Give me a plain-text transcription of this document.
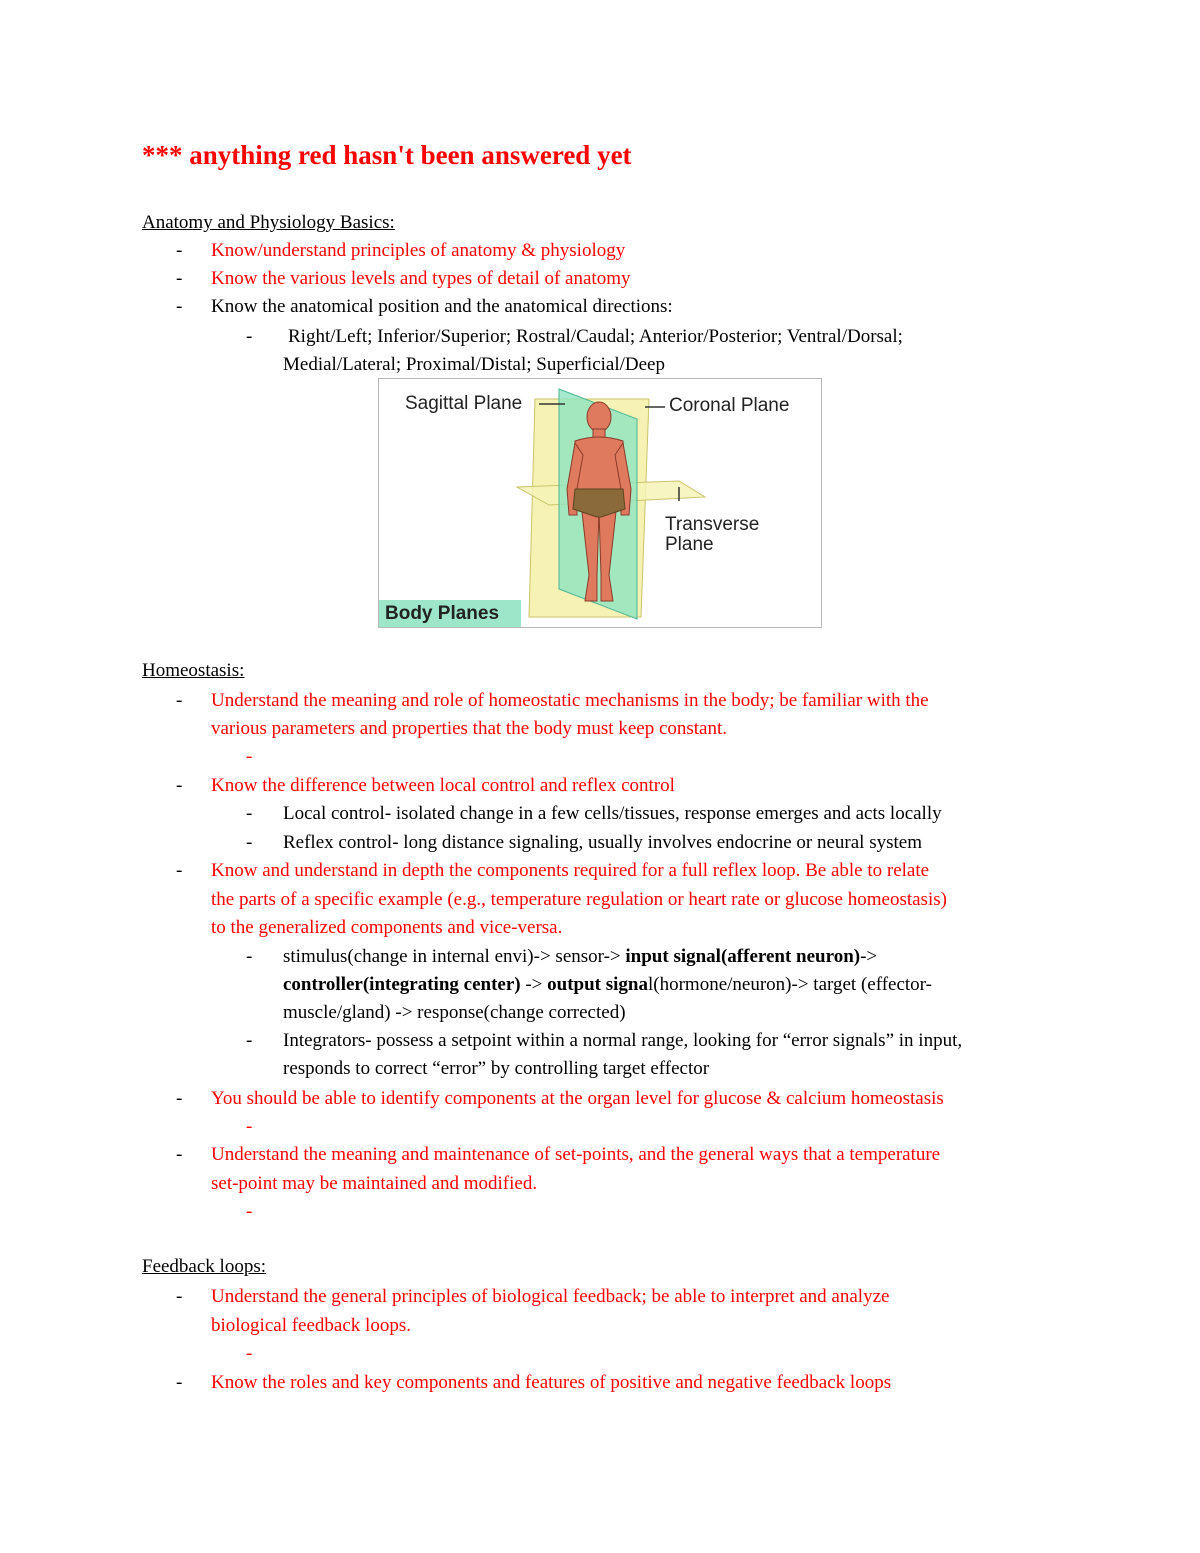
*** anything red hasn't been answered yet
Anatomy and Physiology Basics:
- Know/understand principles of anatomy & physiology
- Know the various levels and types of detail of anatomy
- Know the anatomical position and the anatomical directions:
- Right/Left; Inferior/Superior; Rostral/Caudal; Anterior/Posterior; Ventral/Dorsal;
Medial/Lateral; Proximal/Distal; Superficial/Deep
Sagittal Plane	Coronal Plane
Transverse
Plane
Body Planes
Homeostasis:
- Understand the meaning and role of homeostatic mechanisms in the body; be familiar with the
various parameters and properties that the body must keep constant.
-
- Know the difference between local control and reflex control
- Local control- isolated change in a few cells/tissues, response emerges and acts locally
- Reflex control- long distance signaling, usually involves endocrine or neural system
- Know and understand in depth the components required for a full reflex loop. Be able to relate
the parts of a specific example (e.g., temperature regulation or heart rate or glucose homeostasis)
to the generalized components and vice-versa.
- stimulus(change in internal envi)-> sensor-> input signal(afferent neuron)->
controller(integrating center) -> output signal(hormone/neuron)-> target (effector-
muscle/gland) -> response(change corrected)
- Integrators- possess a setpoint within a normal range, looking for “error signals” in input,
responds to correct “error” by controlling target effector
- You should be able to identify components at the organ level for glucose & calcium homeostasis
-
- Understand the meaning and maintenance of set-points, and the general ways that a temperature
set-point may be maintained and modified.
-
Feedback loops:
- Understand the general principles of biological feedback; be able to interpret and analyze
biological feedback loops.
-
- Know the roles and key components and features of positive and negative feedback loops
